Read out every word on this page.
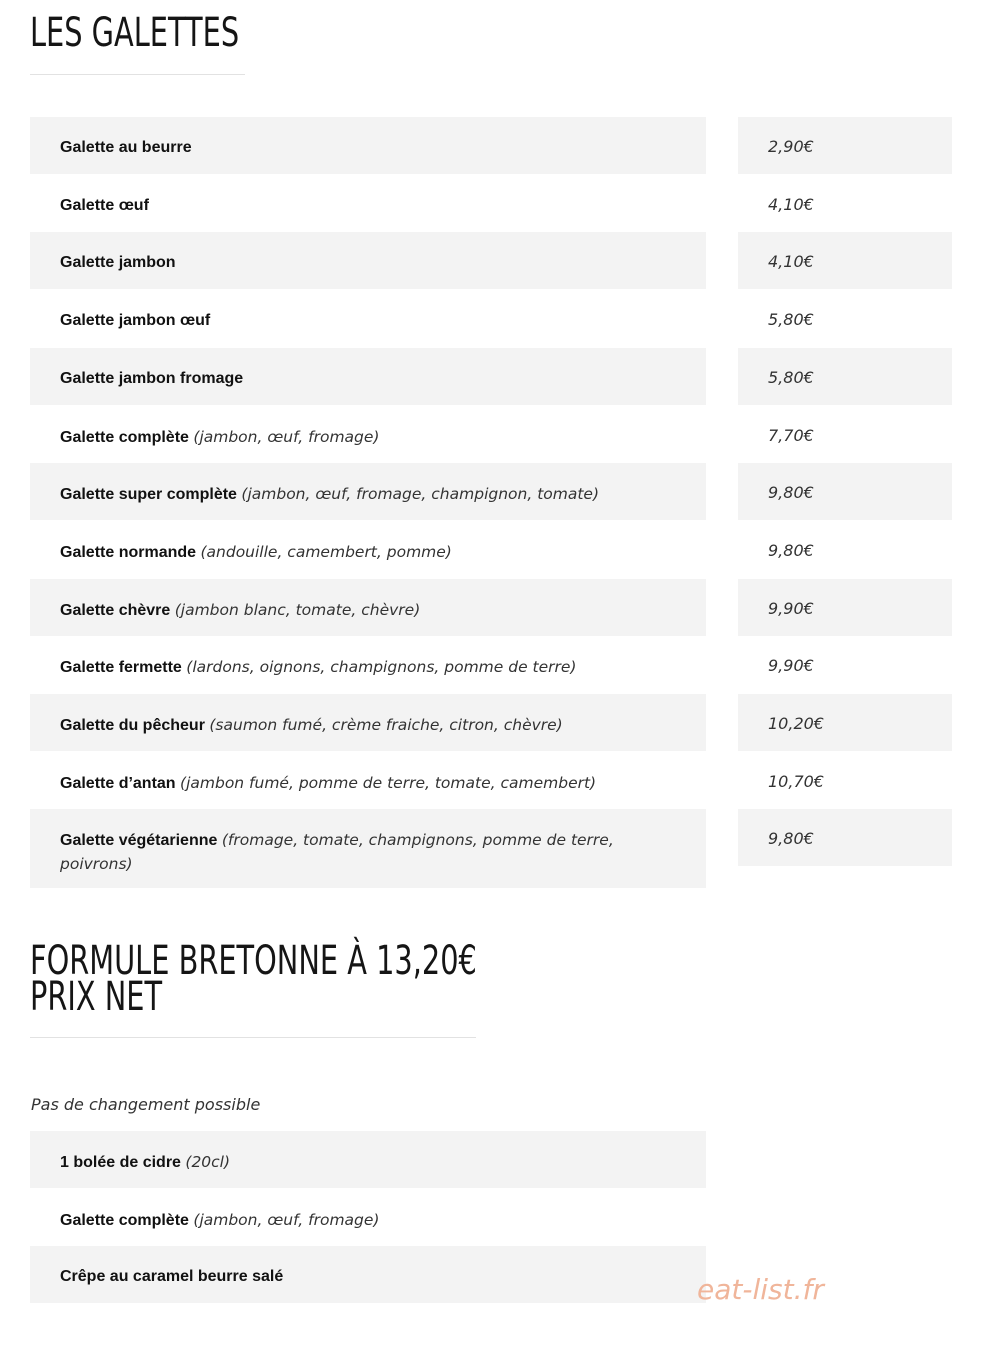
LES GALETTES
Galette au beurre	2,90€
Galette œuf	4,10€
Galette jambon	4,10€
Galette jambon œuf	5,80€
Galette jambon fromage	5,80€
Galette complète (jambon, œuf, fromage)	7,70€
Galette super complète (jambon, œuf, fromage, champignon, tomate)	9,80€
Galette normande (andouille, camembert, pomme)	9,80€
Galette chèvre (jambon blanc, tomate, chèvre)	9,90€
Galette fermette (lardons, oignons, champignons, pomme de terre)	9,90€
Galette du pêcheur (saumon fumé, crème fraiche, citron, chèvre)	10,20€
Galette d’antan (jambon fumé, pomme de terre, tomate, camembert)	10,70€
Galette végétarienne (fromage, tomate, champignons, pomme de terre, poivrons)
9,80€
FORMULE BRETONNE À 13,20€
PRIX NET
Pas de changement possible
1 bolée de cidre (20cl)
Galette complète (jambon, œuf, fromage)
Crêpe au caramel beurre salé	eat-list.fr
